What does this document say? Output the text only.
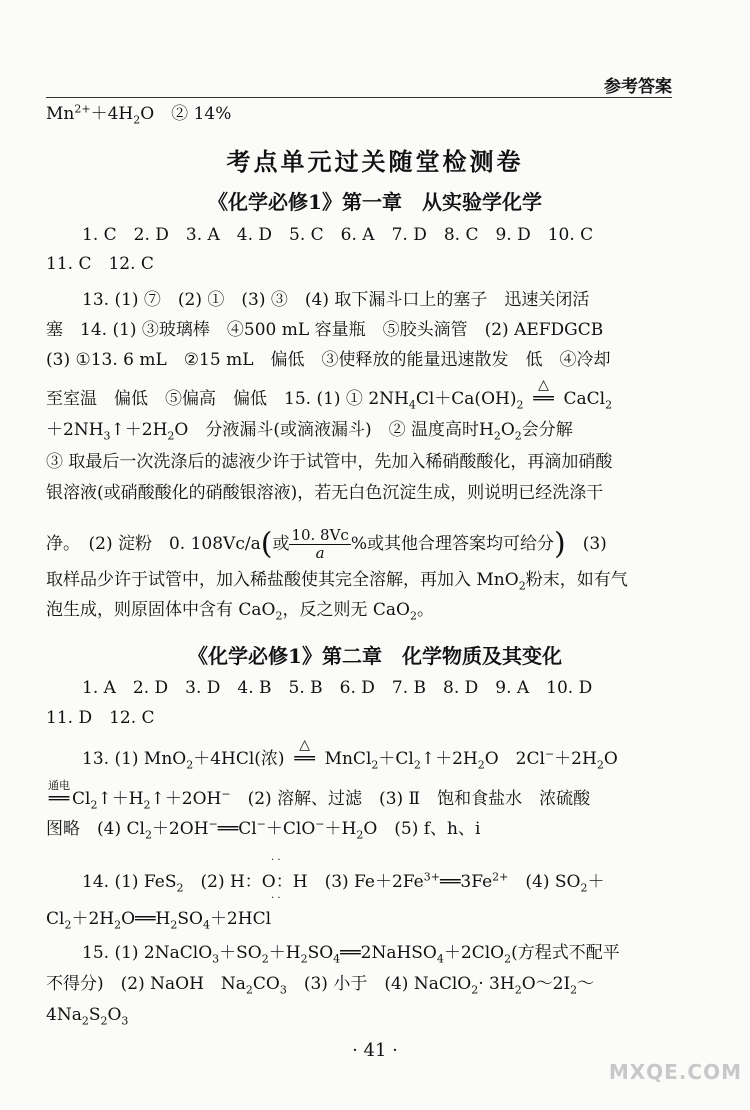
参考答案
$Mn^{2+}+4H_2O$　② 14%
考点单元过关随堂检测卷
《化学必修1》第一章　从实验学化学
1. C　2. D　3. A　4. D　5. C　6. A　7. D　8. C　9. D　10. C
11. C　12. C
13. (1) ⑦　(2) ①　(3) ③　(4) 取下漏斗口上的塞子　迅速关闭活
塞　14. (1) ③玻璃棒　④500 mL 容量瓶　⑤胶头滴管　(2) AEFDGCB
(3) ①13. 6 mL　②15 mL　偏低　③使释放的能量迅速散发　低　④冷却
至室温　偏低　⑤偏高　偏低　15. (1) ① $2NH_4Cl+Ca(OH)_2$
△
══ CaCl$_2$
$+2NH_3↑+2H_2O$　分液漏斗(或滴液漏斗)　② 温度高时$H_2O_2$会分解
③ 取最后一次洗涤后的滤液少许于试管中，先加入稀硝酸酸化，再滴加硝酸
银溶液(或硝酸酸化的硝酸银溶液)，若无白色沉淀生成，则说明已经洗涤干
净。　(2) 淀粉　0. 108Vc/a(或 $\frac{10. 8Vc}{a}$ %或其他合理答案均可给分)　 (3)
取样品少许于试管中，加入稀盐酸使其完全溶解，再加入 MnO$_2$粉末，如有气
泡生成，则原固体中含有 CaO$_2$，反之则无 CaO$_2$。
《化学必修1》第二章　化学物质及其变化
1. A　2. D　3. D　4. B　5. B　6. D　7. B　8. D　9. A　10. D
11. D　12. C
13. (1) MnO$_2$＋4HCl(浓)
△
══ $MnCl_2+Cl_2↑+2H_2O$　$2Cl^-+2H_2O$
通电
══ $Cl_2↑+H_2↑+2OH^-$　 (2) 溶解、过滤　(3) Ⅱ　饱和食盐水　浓硫酸
图略　(4) $Cl_2+2OH^-══Cl^-+ClO^-+H_2O$　(5) f、h、i
· ·
14. (1) FeS$_2$　 (2) H：O：H　(3) $Fe+2Fe^{3+}══3Fe^{2+}$　 (4) $SO_2+$
· ·
$Cl_2+2H_2O══H_2SO_4+2HCl$
15. (1) $2NaClO_3+SO_2+H_2SO_4══2NaHSO_4+2ClO_2$(方程式不配平
不得分)　(2) NaOH　$Na_2CO_3$　 (3) 小于　(4) NaClO$_2$· $3H_2O\sim 2I_2\sim$
$4Na_2S_2O_3$
· 41 ·
MXQE.COM
